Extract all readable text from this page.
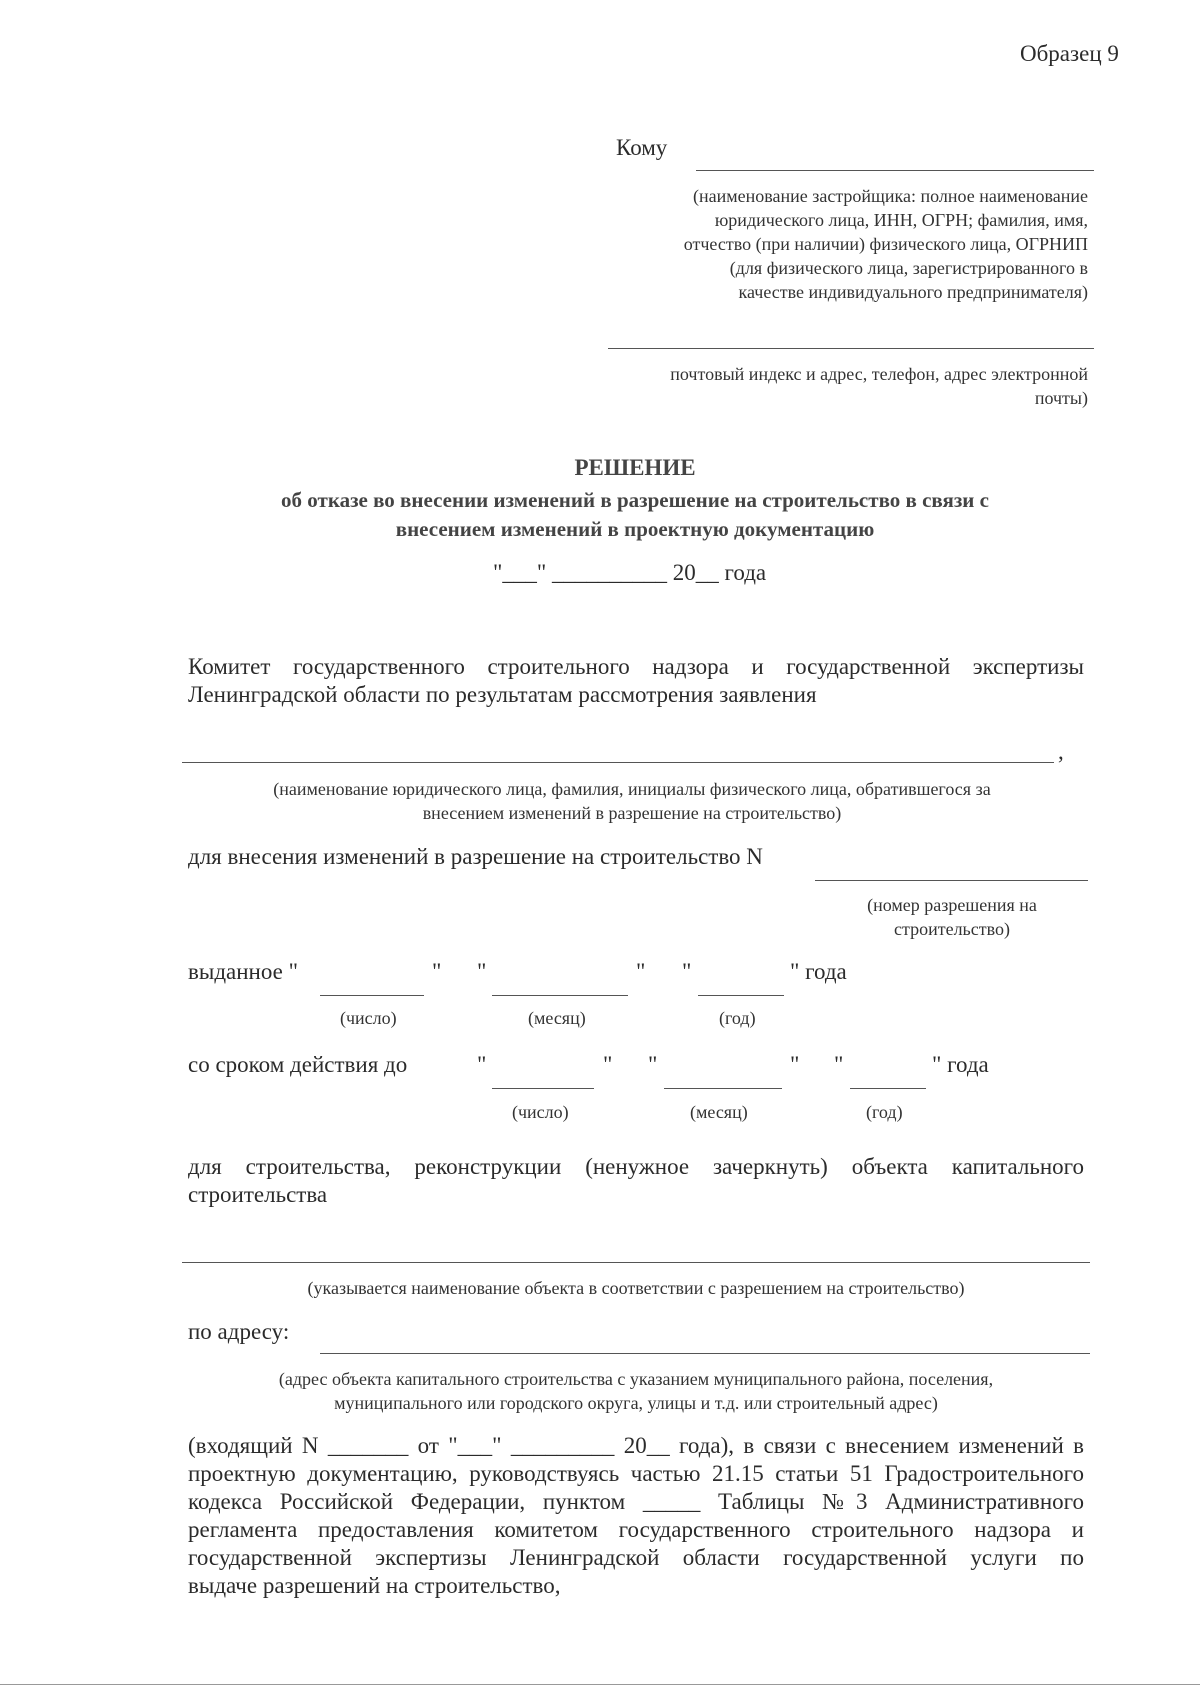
Образец 9
Кому
(наименование застройщика: полное наименование
юридического лица, ИНН, ОГРН; фамилия, имя,
отчество (при наличии) физического лица, ОГРНИП
(для физического лица, зарегистрированного в
качестве индивидуального предпринимателя)
почтовый индекс и адрес, телефон, адрес электронной
почты)
РЕШЕНИЕ
об отказе во внесении изменений в разрешение на строительство в связи с
внесением изменений в проектную документацию
"___" __________ 20__ года
Комитет государственного строительного надзора и государственной экспертизы
Ленинградской области по результатам рассмотрения заявления
,
(наименование юридического лица, фамилия, инициалы физического лица, обратившегося за
внесением изменений в разрешение на строительство)
для внесения изменений в разрешение на строительство N
(номер разрешения на
строительство)
выданное "	" "	" "	" года
(число)	(месяц)	(год)
со сроком действия до	"	" "	" "	" года
(число)	(месяц)	(год)
для строительства, реконструкции (ненужное зачеркнуть) объекта капитального
строительства
(указывается наименование объекта в соответствии с разрешением на строительство)
по адресу:
(адрес объекта капитального строительства с указанием муниципального района, поселения,
муниципального или городского округа, улицы и т.д. или строительный адрес)
(входящий N _______ от "___" _________ 20__ года), в связи с внесением изменений в
проектную документацию, руководствуясь частью 21.15 статьи 51 Градостроительного
кодекса Российской Федерации, пунктом _____ Таблицы №3 Административного
регламента предоставления комитетом государственного строительного надзора и
государственной экспертизы Ленинградской области государственной услуги по
выдаче разрешений на строительство,
